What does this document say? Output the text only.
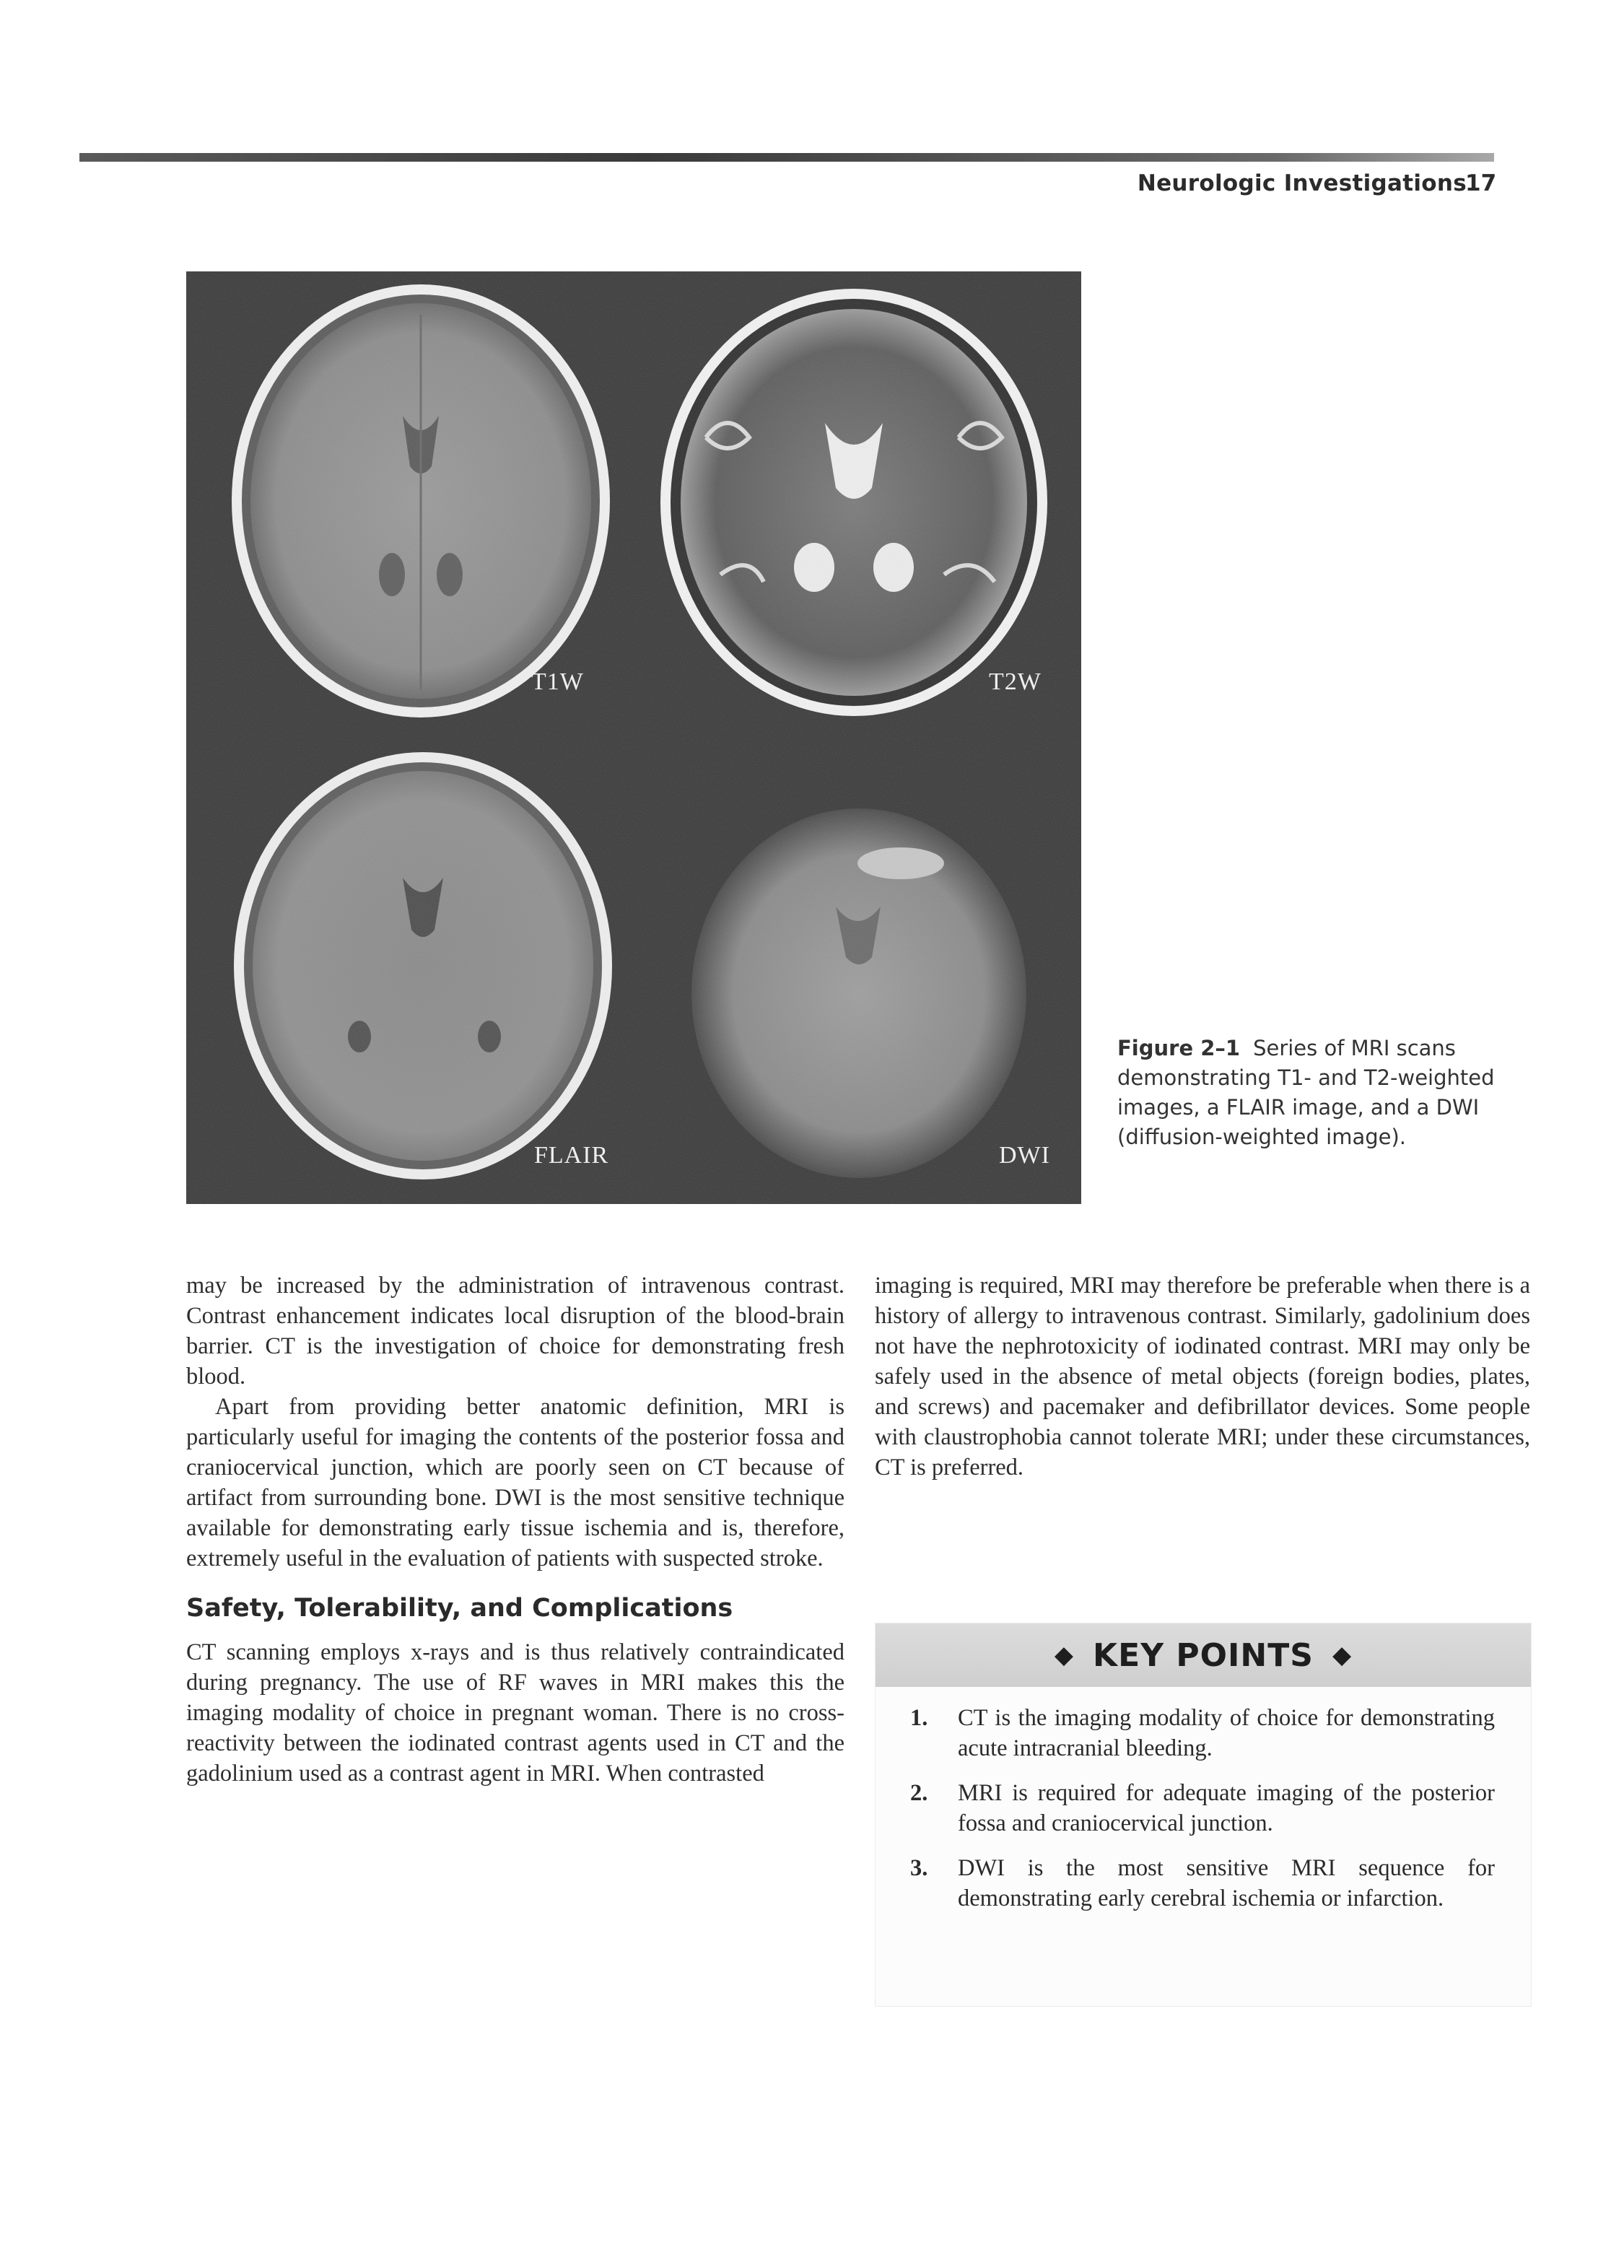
Neurologic Investigations
17
T1W	T2W
FLAIR	DWI
Figure 2–1 Series of MRI scans demonstrating T1- and T2-weighted images, a FLAIR image, and a DWI (diffusion-weighted image).

may be increased by the administration of intravenous contrast. Contrast enhancement indicates local disruption of the blood-brain barrier. CT is the investigation of choice for demonstrating fresh blood.

Apart from providing better anatomic definition, MRI is particularly useful for imaging the contents of the posterior fossa and craniocervical junction, which are poorly seen on CT because of artifact from surrounding bone. DWI is the most sensitive technique available for demonstrating early tissue ischemia and is, therefore, extremely useful in the evaluation of patients with suspected stroke.

Safety, Tolerability, and Complications

CT scanning employs x-rays and is thus relatively contraindicated during pregnancy. The use of RF waves in MRI makes this the imaging modality of choice in pregnant woman. There is no cross-reactivity between the iodinated contrast agents used in CT and the gadolinium used as a contrast agent in MRI. When contrasted

imaging is required, MRI may therefore be preferable when there is a history of allergy to intravenous contrast. Similarly, gadolinium does not have the nephrotoxicity of iodinated contrast. MRI may only be safely used in the absence of metal objects (foreign bodies, plates, and screws) and pacemaker and defibrillator devices. Some people with claustrophobia cannot tolerate MRI; under these circumstances, CT is preferred.

◆ KEY POINTS ◆
1.	CT is the imaging modality of choice for demonstrating acute intracranial bleeding.
2.	MRI is required for adequate imaging of the posterior fossa and craniocervical junction.
3.	DWI is the most sensitive MRI sequence for demonstrating early cerebral ischemia or infarction.
